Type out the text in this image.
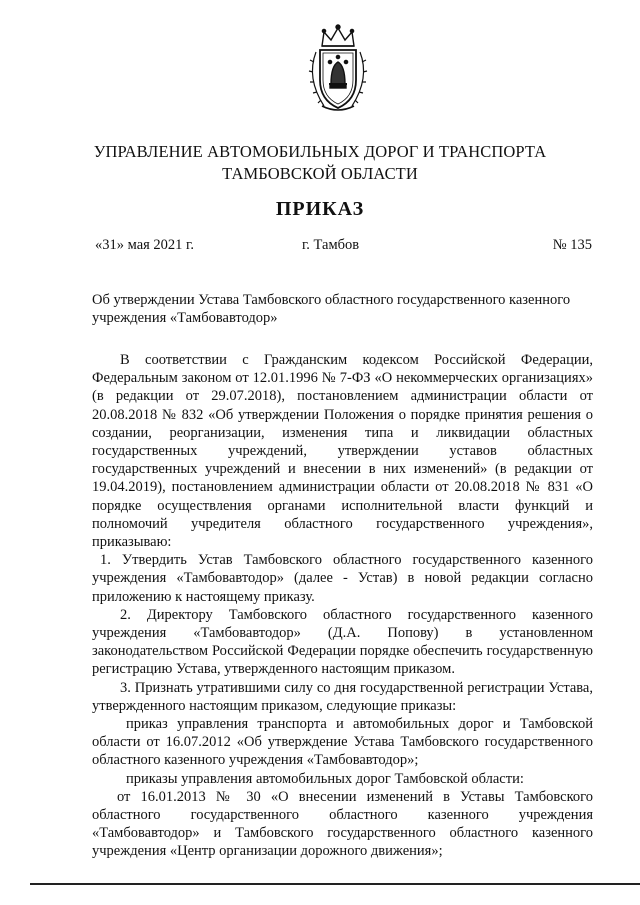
УПРАВЛЕНИЕ АВТОМОБИЛЬНЫХ ДОРОГ И ТРАНСПОРТА
ТАМБОВСКОЙ ОБЛАСТИ
ПРИКАЗ
«31» мая 2021 г.	г. Тамбов	№ 135
Об утверждении Устава Тамбовского областного государственного казенного учреждения «Тамбовавтодор»

В соответствии с Гражданским кодексом Российской Федерации, Федеральным законом от 12.01.1996 № 7-ФЗ «О некоммерческих организациях» (в редакции от 29.07.2018), постановлением администрации области от 20.08.2018 № 832 «Об утверждении Положения о порядке принятия решения о создании, реорганизации, изменения типа и ликвидации областных государственных учреждений, утверждении уставов областных государственных учреждений и внесении в них изменений» (в редакции от 19.04.2019), постановлением администрации области от 20.08.2018 № 831 «О порядке осуществления органами исполнительной власти функций и полномочий учредителя областного государственного учреждения», приказываю:

1. Утвердить Устав Тамбовского областного государственного казенного учреждения «Тамбовавтодор» (далее - Устав) в новой редакции согласно приложению к настоящему приказу.

2. Директору Тамбовского областного государственного казенного учреждения «Тамбовавтодор» (Д.А. Попову) в установленном законодательством Российской Федерации порядке обеспечить государственную регистрацию Устава, утвержденного настоящим приказом.

3. Признать утратившими силу со дня государственной регистрации Устава, утвержденного настоящим приказом, следующие приказы:

приказ управления транспорта и автомобильных дорог и Тамбовской области от 16.07.2012 «Об утверждение Устава Тамбовского государственного областного казенного учреждения «Тамбовавтодор»;

приказы управления автомобильных дорог Тамбовской области:

от 16.01.2013 № 30 «О внесении изменений в Уставы Тамбовского областного государственного областного казенного учреждения «Тамбовавтодор» и Тамбовского государственного областного казенного учреждения «Центр организации дорожного движения»;
